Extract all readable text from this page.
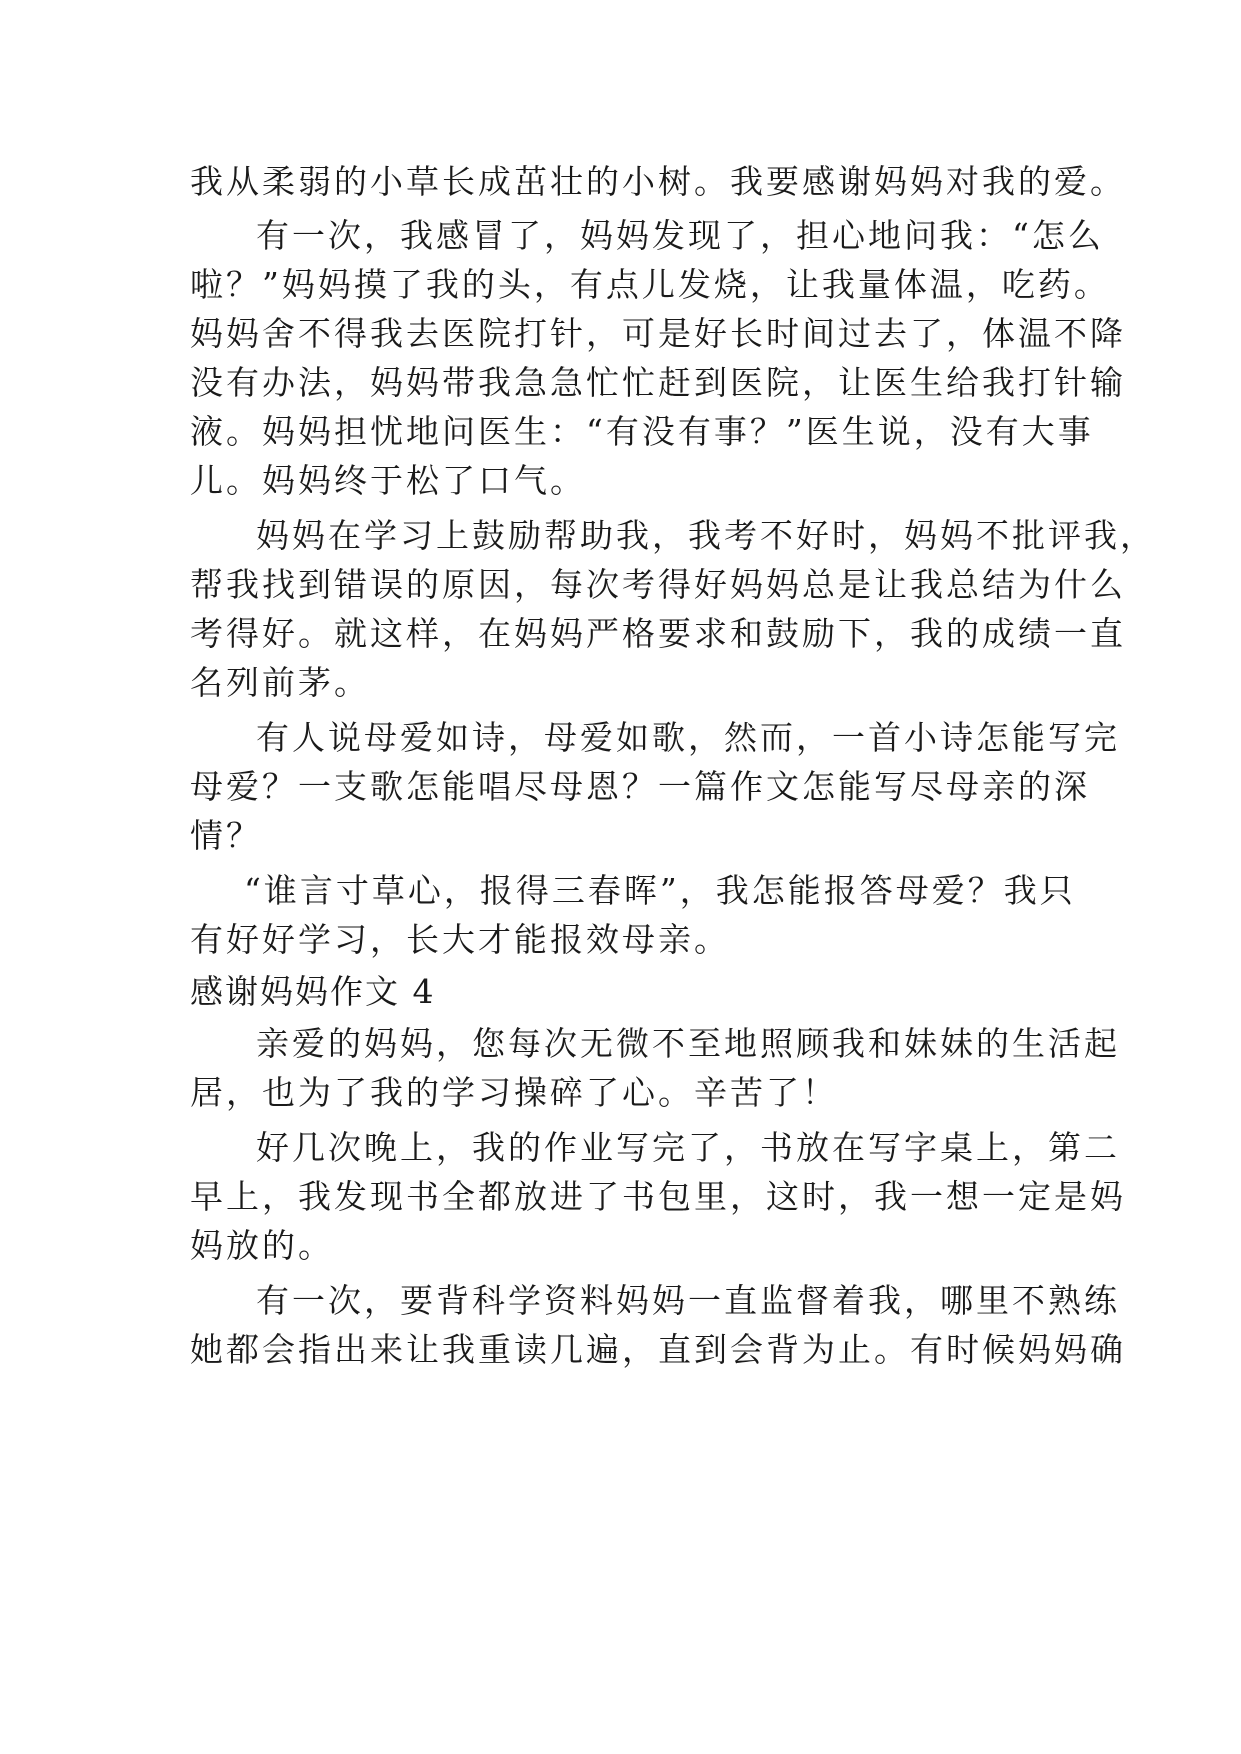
我从柔弱的小草长成茁壮的小树。我要感谢妈妈对我的爱。
有一次，我感冒了，妈妈发现了，担心地问我：“怎么
啦？”妈妈摸了我的头，有点儿发烧，让我量体温，吃药。
妈妈舍不得我去医院打针，可是好长时间过去了，体温不降
没有办法，妈妈带我急急忙忙赶到医院，让医生给我打针输
液。妈妈担忧地问医生：“有没有事？”医生说，没有大事
儿。妈妈终于松了口气。
妈妈在学习上鼓励帮助我，我考不好时，妈妈不批评我，
帮我找到错误的原因，每次考得好妈妈总是让我总结为什么
考得好。就这样，在妈妈严格要求和鼓励下，我的成绩一直
名列前茅。
有人说母爱如诗，母爱如歌，然而，一首小诗怎能写完
母爱？一支歌怎能唱尽母恩？一篇作文怎能写尽母亲的深
情？
“谁言寸草心，报得三春晖”，我怎能报答母爱？我只
有好好学习，长大才能报效母亲。
感谢妈妈作文 4
亲爱的妈妈，您每次无微不至地照顾我和妹妹的生活起
居，也为了我的学习操碎了心。辛苦了！
好几次晚上，我的作业写完了，书放在写字桌上，第二
早上，我发现书全都放进了书包里，这时，我一想一定是妈
妈放的。
有一次，要背科学资料妈妈一直监督着我，哪里不熟练
她都会指出来让我重读几遍，直到会背为止。有时候妈妈确
